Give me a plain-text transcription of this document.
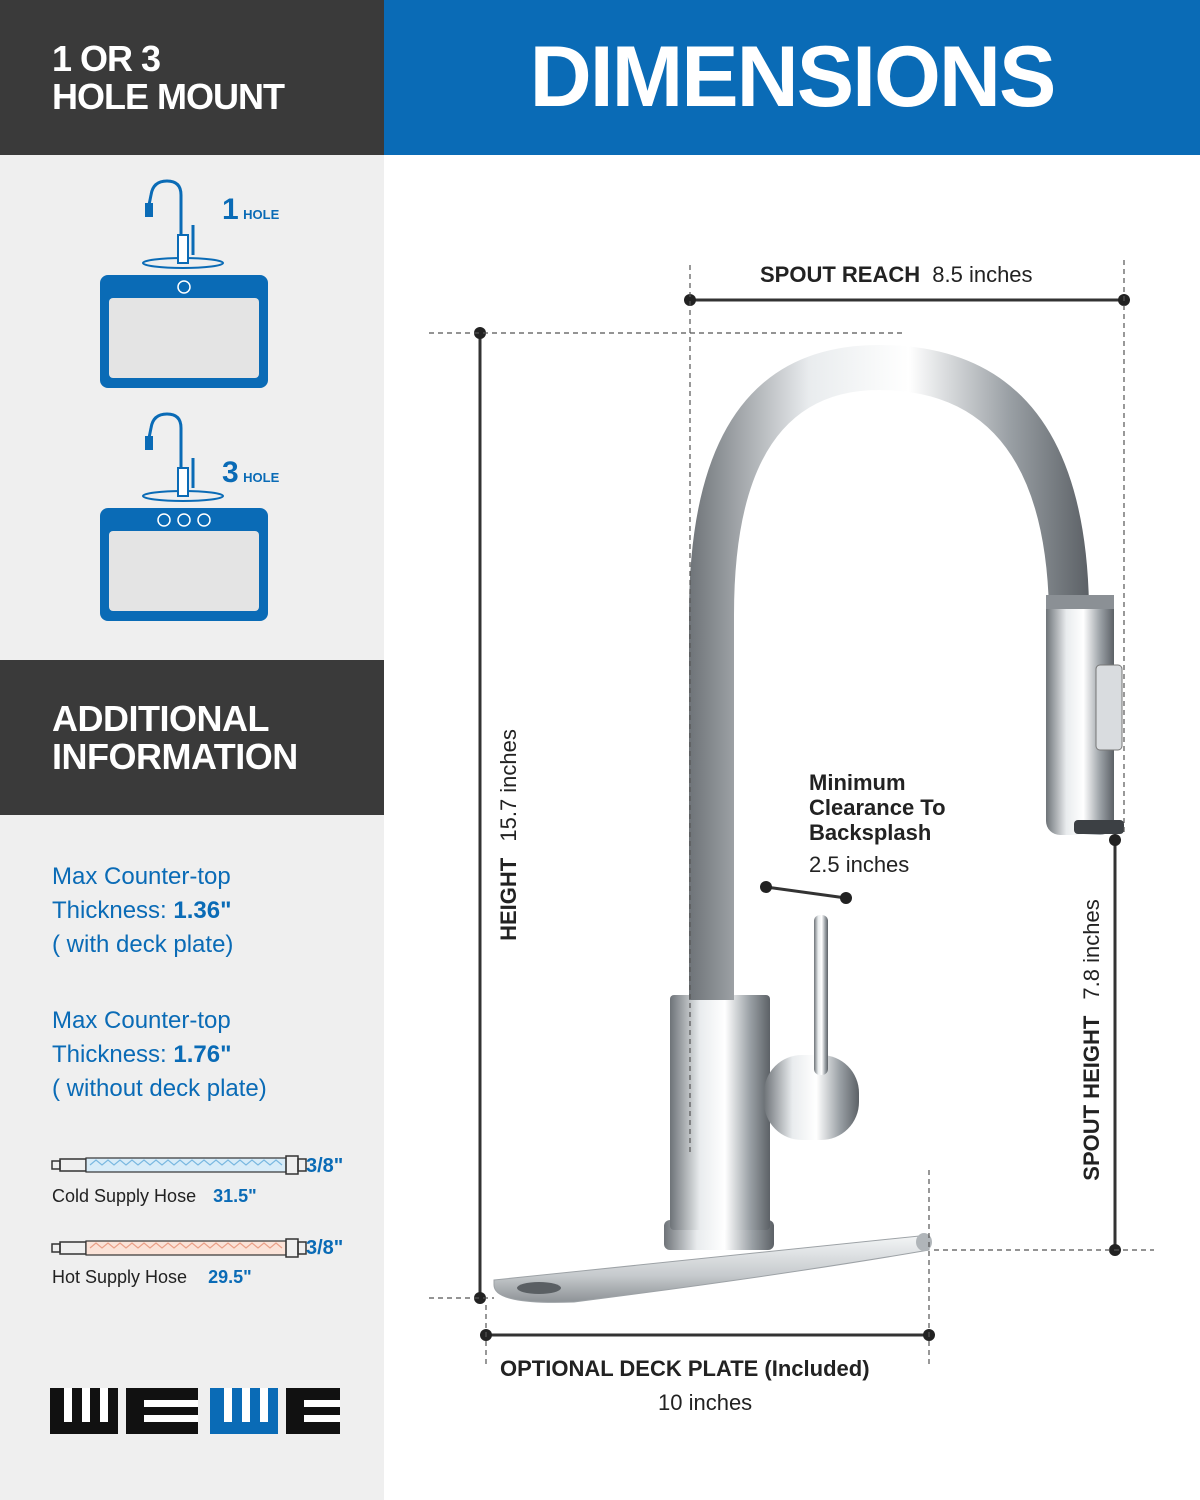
1 OR 3
HOLE MOUNT
1 HOLE
3 HOLE
ADDITIONAL
INFORMATION
Max Counter-top
Thickness: 1.36"
( with deck plate)
Max Counter-top
Thickness: 1.76"
( without deck plate)
3/8"
Cold Supply Hose 31.5"
3/8"
Hot Supply Hose 29.5"
DIMENSIONS
SPOUT REACH 8.5 inches
HEIGHT 15.7 inches	Minimum
Clearance To
Backsplash
2.5 inches
SPOUT HEIGHT 7.8 inches
OPTIONAL DECK PLATE (Included)
10 inches
